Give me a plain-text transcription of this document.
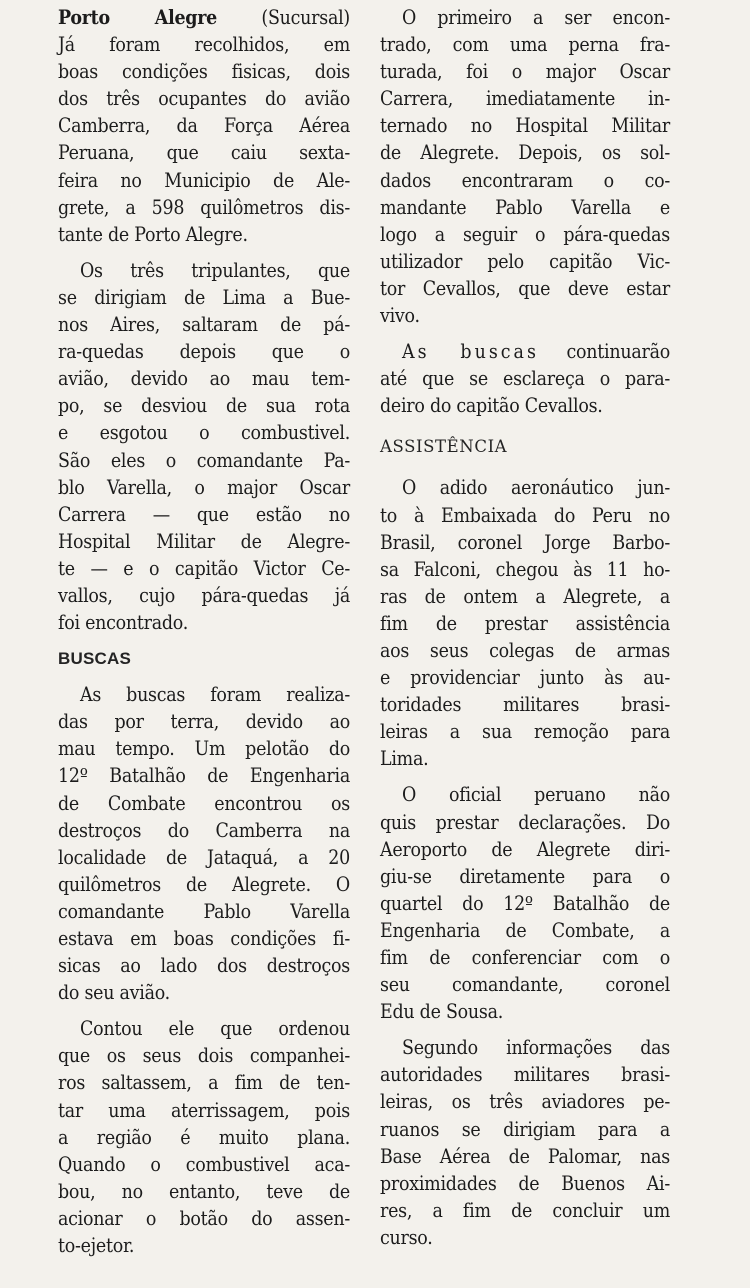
Porto Alegre (Sucursal)
Já foram recolhidos, em
boas condições fisicas, dois
dos três ocupantes do avião
Camberra, da Força Aérea
Peruana, que caiu sexta-
feira no Municipio de Ale-
grete, a 598 quilômetros dis-
tante de Porto Alegre.
Os três tripulantes, que
se dirigiam de Lima a Bue-
nos Aires, saltaram de pá-
ra-quedas depois que o
avião, devido ao mau tem-
po, se desviou de sua rota
e esgotou o combustivel.
São eles o comandante Pa-
blo Varella, o major Oscar
Carrera — que estão no
Hospital Militar de Alegre-
te — e o capitão Victor Ce-
vallos, cujo pára-quedas já
foi encontrado.
BUSCAS
As buscas foram realiza-
das por terra, devido ao
mau tempo. Um pelotão do
12º Batalhão de Engenharia
de Combate encontrou os
destroços do Camberra na
localidade de Jataquá, a 20
quilômetros de Alegrete. O
comandante Pablo Varella
estava em boas condições fi-
sicas ao lado dos destroços
do seu avião.
Contou ele que ordenou
que os seus dois companhei-
ros saltassem, a fim de ten-
tar uma aterrissagem, pois
a região é muito plana.
Quando o combustivel aca-
bou, no entanto, teve de
acionar o botão do assen-
to-ejetor.
O primeiro a ser encon-
trado, com uma perna fra-
turada, foi o major Oscar
Carrera, imediatamente in-
ternado no Hospital Militar
de Alegrete. Depois, os sol-
dados encontraram o co-
mandante Pablo Varella e
logo a seguir o pára-quedas
utilizador pelo capitão Vic-
tor Cevallos, que deve estar
vivo.
As buscas continuarão
até que se esclareça o para-
deiro do capitão Cevallos.
ASSISTÊNCIA
O adido aeronáutico jun-
to à Embaixada do Peru no
Brasil, coronel Jorge Barbo-
sa Falconi, chegou às 11 ho-
ras de ontem a Alegrete, a
fim de prestar assistência
aos seus colegas de armas
e providenciar junto às au-
toridades militares brasi-
leiras a sua remoção para
Lima.
O oficial peruano não
quis prestar declarações. Do
Aeroporto de Alegrete diri-
giu-se diretamente para o
quartel do 12º Batalhão de
Engenharia de Combate, a
fim de conferenciar com o
seu comandante, coronel
Edu de Sousa.
Segundo informações das
autoridades militares brasi-
leiras, os três aviadores pe-
ruanos se dirigiam para a
Base Aérea de Palomar, nas
proximidades de Buenos Ai-
res, a fim de concluir um
curso.
